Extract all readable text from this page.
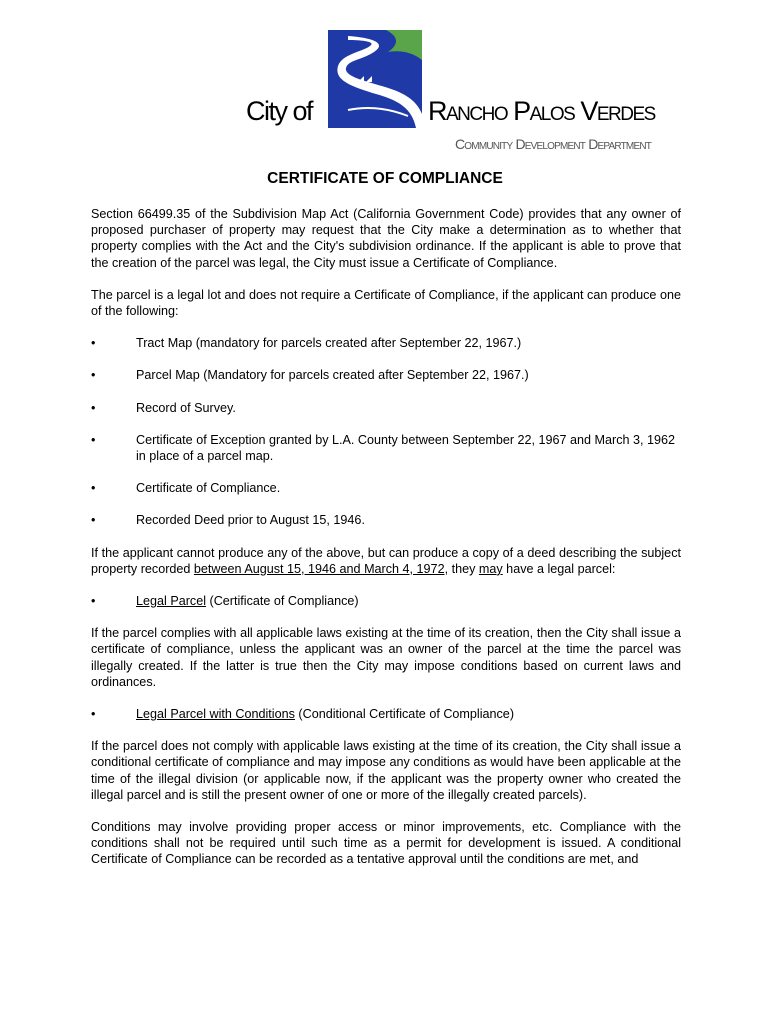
City of	Rancho Palos Verdes
Community Development Department
CERTIFICATE OF COMPLIANCE

Section 66499.35 of the Subdivision Map Act (California Government Code) provides that any owner of proposed purchaser of property may request that the City make a determination as to whether that property complies with the Act and the City's subdivision ordinance. If the applicant is able to prove that the creation of the parcel was legal, the City must issue a Certificate of Compliance.

The parcel is a legal lot and does not require a Certificate of Compliance, if the applicant can produce one of the following:

•	Tract Map (mandatory for parcels created after September 22, 1967.)
•	Parcel Map (Mandatory for parcels created after September 22, 1967.)
•	Record of Survey.
•	Certificate of Exception granted by L.A. County between September 22, 1967 and March 3, 1962 in place of a parcel map.
•	Certificate of Compliance.
•	Recorded Deed prior to August 15, 1946.

If the applicant cannot produce any of the above, but can produce a copy of a deed describing the subject property recorded between August 15, 1946 and March 4, 1972, they may have a legal parcel:

•	Legal Parcel (Certificate of Compliance)

If the parcel complies with all applicable laws existing at the time of its creation, then the City shall issue a certificate of compliance, unless the applicant was an owner of the parcel at the time the parcel was illegally created. If the latter is true then the City may impose conditions based on current laws and ordinances.

•	Legal Parcel with Conditions (Conditional Certificate of Compliance)

If the parcel does not comply with applicable laws existing at the time of its creation, the City shall issue a conditional certificate of compliance and may impose any conditions as would have been applicable at the time of the illegal division (or applicable now, if the applicant was the property owner who created the illegal parcel and is still the present owner of one or more of the illegally created parcels).

Conditions may involve providing proper access or minor improvements, etc. Compliance with the conditions shall not be required until such time as a permit for development is issued. A conditional Certificate of Compliance can be recorded as a tentative approval until the conditions are met, and
